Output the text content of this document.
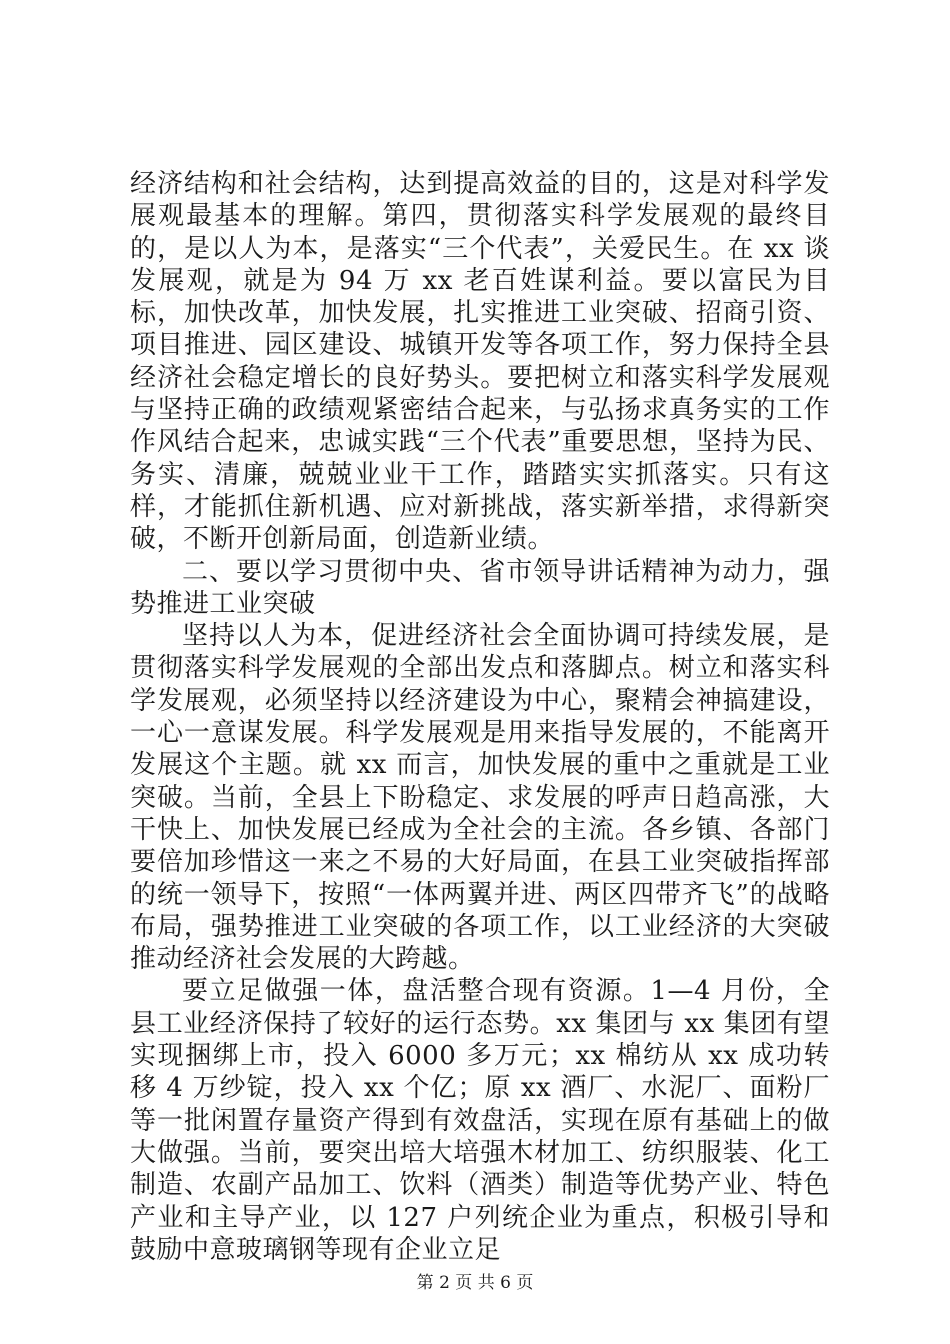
经济结构和社会结构，达到提高效益的目的，这是对科学发展观最基本的理解。第四，贯彻落实科学发展观的最终目的，是以人为本，是落实“三个代表”，关爱民生。在 xx 谈发展观，就是为 94 万 xx 老百姓谋利益。要以富民为目标，加快改革，加快发展，扎实推进工业突破、招商引资、项目推进、园区建设、城镇开发等各项工作，努力保持全县经济社会稳定增长的良好势头。要把树立和落实科学发展观与坚持正确的政绩观紧密结合起来，与弘扬求真务实的工作作风结合起来，忠诚实践“三个代表”重要思想，坚持为民、务实、清廉，兢兢业业干工作，踏踏实实抓落实。只有这样，才能抓住新机遇、应对新挑战，落实新举措，求得新突破，不断开创新局面，创造新业绩。

二、要以学习贯彻中央、省市领导讲话精神为动力，强势推进工业突破

坚持以人为本，促进经济社会全面协调可持续发展，是贯彻落实科学发展观的全部出发点和落脚点。树立和落实科学发展观，必须坚持以经济建设为中心，聚精会神搞建设，一心一意谋发展。科学发展观是用来指导发展的，不能离开发展这个主题。就 xx 而言，加快发展的重中之重就是工业突破。当前，全县上下盼稳定、求发展的呼声日趋高涨，大干快上、加快发展已经成为全社会的主流。各乡镇、各部门要倍加珍惜这一来之不易的大好局面，在县工业突破指挥部的统一领导下，按照“一体两翼并进、两区四带齐飞”的战略布局，强势推进工业突破的各项工作，以工业经济的大突破推动经济社会发展的大跨越。

要立足做强一体，盘活整合现有资源。1—4 月份，全县工业经济保持了较好的运行态势。xx 集团与 xx 集团有望实现捆绑上市，投入 6000 多万元；xx 棉纺从 xx 成功转移 4 万纱锭，投入 xx 个亿；原 xx 酒厂、水泥厂、面粉厂等一批闲置存量资产得到有效盘活，实现在原有基础上的做大做强。当前，要突出培大培强木材加工、纺织服装、化工制造、农副产品加工、饮料（酒类）制造等优势产业、特色产业和主导产业，以 127 户列统企业为重点，积极引导和鼓励中意玻璃钢等现有企业立足

第 2 页 共 6 页
